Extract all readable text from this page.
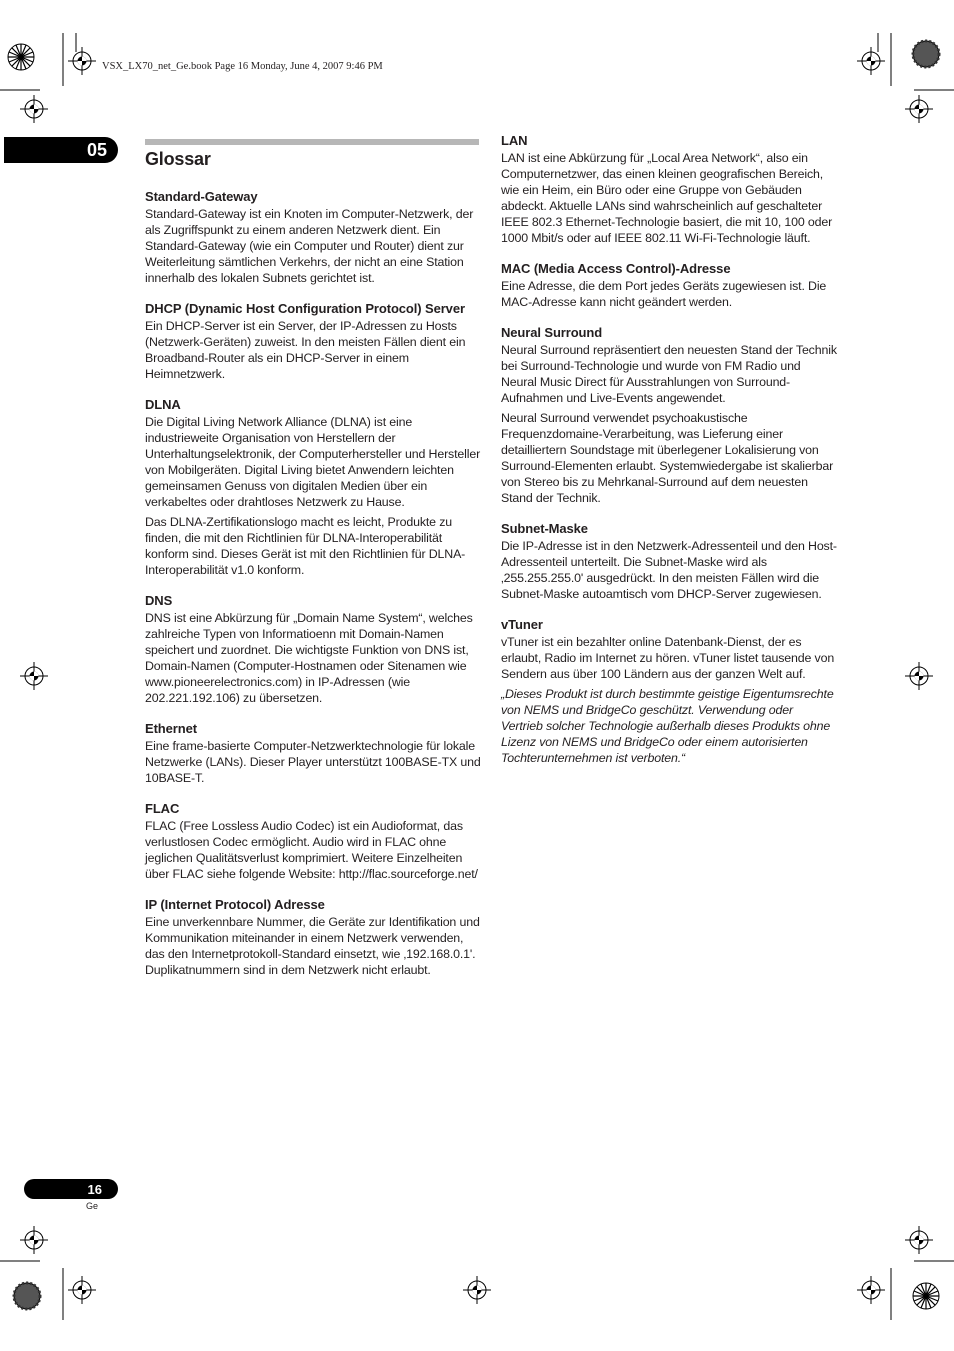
VSX_LX70_net_Ge.book Page 16 Monday, June 4, 2007 9:46 PM
05 Glossar

Standard-Gateway

Standard-Gateway ist ein Knoten im Computer-Netzwerk, der als Zugriffspunkt zu einem anderen Netzwerk dient. Ein Standard-Gateway (wie ein Computer und Router) dient zur Weiterleitung sämtlichen Verkehrs, der nicht an eine Station innerhalb des lokalen Subnets gerichtet ist.

DHCP (Dynamic Host Configuration Protocol) Server

Ein DHCP-Server ist ein Server, der IP-Adressen zu Hosts (Netzwerk-Geräten) zuweist. In den meisten Fällen dient ein Broadband-Router als ein DHCP-Server in einem Heimnetzwerk.

DLNA

Die Digital Living Network Alliance (DLNA) ist eine industrieweite Organisation von Herstellern der Unterhaltungselektronik, der Computerhersteller und Hersteller von Mobilgeräten. Digital Living bietet Anwendern leichten gemeinsamen Genuss von digitalen Medien über ein verkabeltes oder drahtloses Netzwerk zu Hause.

Das DLNA-Zertifikationslogo macht es leicht, Produkte zu finden, die mit den Richtlinien für DLNA-Interoperabilität konform sind. Dieses Gerät ist mit den Richtlinien für DLNA-Interoperabilität v1.0 konform.

DNS

DNS ist eine Abkürzung für „Domain Name System“, welches zahlreiche Typen von Informatioenn mit Domain-Namen speichert und zuordnet. Die wichtigste Funktion von DNS ist, Domain-Namen (Computer-Hostnamen oder Sitenamen wie www.pioneerelectronics.com) in IP-Adressen (wie 202.221.192.106) zu übersetzen.

Ethernet

Eine frame-basierte Computer-Netzwerktechnologie für lokale Netzwerke (LANs). Dieser Player unterstützt 100BASE-TX und 10BASE-T.

FLAC

FLAC (Free Lossless Audio Codec) ist ein Audioformat, das verlustlosen Codec ermöglicht. Audio wird in FLAC ohne jeglichen Qualitätsverlust komprimiert. Weitere Einzelheiten über FLAC siehe folgende Website: http://flac.sourceforge.net/

IP (Internet Protocol) Adresse

Eine unverkennbare Nummer, die Geräte zur Identifikation und Kommunikation miteinander in einem Netzwerk verwenden, das den Internetprotokoll-Standard einsetzt, wie ‚192.168.0.1'. Duplikatnummern sind in dem Netzwerk nicht erlaubt.

LAN

LAN ist eine Abkürzung für „Local Area Network“, also ein Computernetzwer, das einen kleinen geografischen Bereich, wie ein Heim, ein Büro oder eine Gruppe von Gebäuden abdeckt. Aktuelle LANs sind wahrscheinlich auf geschalteter IEEE 802.3 Ethernet-Technologie basiert, die mit 10, 100 oder 1000 Mbit/s oder auf IEEE 802.11 Wi-Fi-Technologie läuft.

MAC (Media Access Control)-Adresse

Eine Adresse, die dem Port jedes Geräts zugewiesen ist. Die MAC-Adresse kann nicht geändert werden.

Neural Surround

Neural Surround repräsentiert den neuesten Stand der Technik bei Surround-Technologie und wurde von FM Radio und Neural Music Direct für Ausstrahlungen von Surround-Aufnahmen und Live-Events angewendet.

Neural Surround verwendet psychoakustische Frequenzdomaine-Verarbeitung, was Lieferung einer detailliertern Soundstage mit überlegener Lokalisierung von Surround-Elementen erlaubt. Systemwiedergabe ist skalierbar von Stereo bis zu Mehrkanal-Surround auf dem neuesten Stand der Technik.

Subnet-Maske

Die IP-Adresse ist in den Netzwerk-Adressenteil und den Host-Adressenteil unterteilt. Die Subnet-Maske wird als ‚255.255.255.0' ausgedrückt. In den meisten Fällen wird die Subnet-Maske autoamtisch vom DHCP-Server zugewiesen.

vTuner

vTuner ist ein bezahlter online Datenbank-Dienst, der es erlaubt, Radio im Internet zu hören. vTuner listet tausende von Sendern aus über 100 Ländern aus der ganzen Welt auf.

„Dieses Produkt ist durch bestimmte geistige Eigentumsrechte von NEMS und BridgeCo geschützt. Verwendung oder Vertrieb solcher Technologie außerhalb dieses Produkts ohne Lizenz von NEMS und BridgeCo oder einem autorisierten Tochterunternehmen ist verboten.“

16
Ge
